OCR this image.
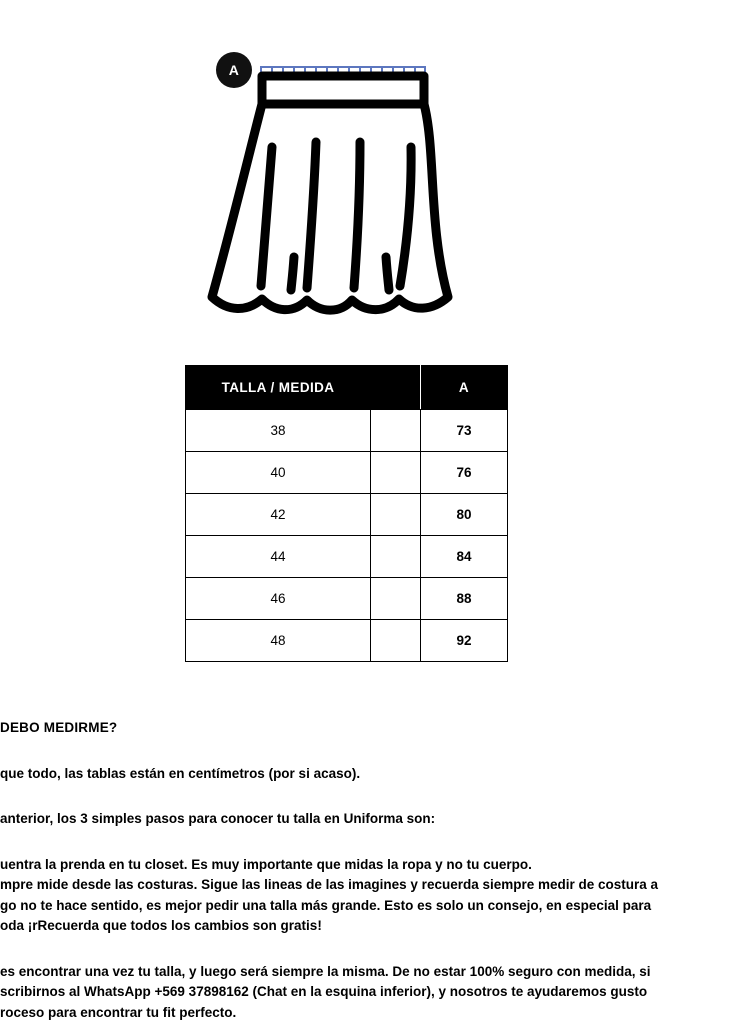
A
TALLA / MEDIDA		A
38		73
40		76
42		80
44		84
46		88
48		92

DEBO MEDIRME?

que todo, las tablas están en centímetros (por si acaso).

anterior, los 3 simples pasos para conocer tu talla en Uniforma son:

uentra la prenda en tu closet. Es muy importante que midas la ropa y no tu cuerpo.

mpre mide desde las costuras. Sigue las lineas de las imagines y recuerda siempre medir de costura a

go no te hace sentido, es mejor pedir una talla más grande. Esto es solo un consejo, en especial para

oda ¡rRecuerda que todos los cambios son gratis!

es encontrar una vez tu talla, y luego será siempre la misma. De no estar 100% seguro con medida, si

scribirnos al WhatsApp +569 37898162 (Chat en la esquina inferior), y nosotros te ayudaremos gusto

roceso para encontrar tu fit perfecto.
